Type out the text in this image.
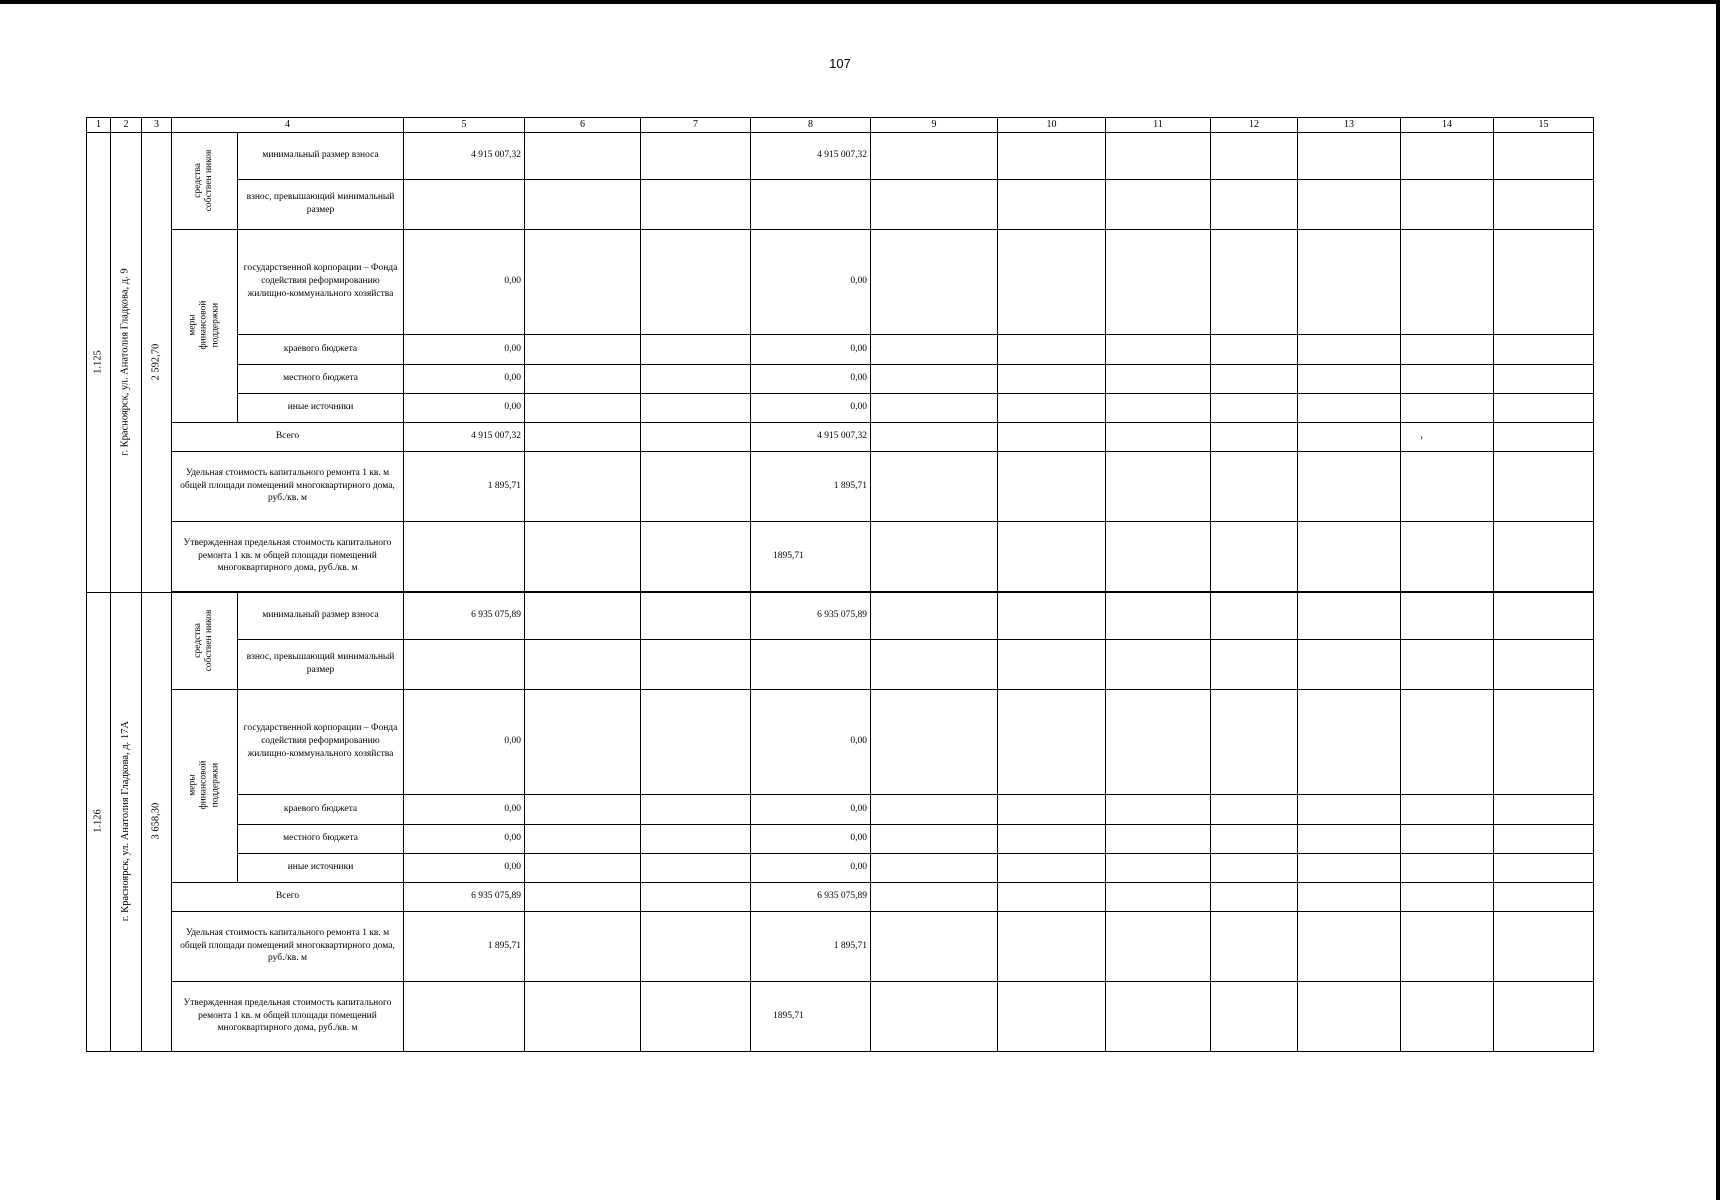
107
1	2	3	4		5	6	7	8	9	10	11	12	13	14	15

1.125	г. Красноярск, ул. Анатолия Гладкова, д. 9	2 592,70	средства собствен ников	минимальный размер взноса	4 915 007,32			4 915 007,32							
				взнос, превышающий минимальный размер											

			меры финансовой поддержки	государственной корпорации – Фонда содействия реформированию жилищно-коммунального хозяйства	0,00			0,00							
				краевого бюджета	0,00			0,00							
				местного бюджета	0,00			0,00							
				иные источники	0,00			0,00							
			Всего		4 915 007,32			4 915 007,32							
			Удельная стоимость капитального ремонта 1 кв. м общей площади помещений многоквартирного дома, руб./кв. м		1 895,71			1 895,71							
			Утвержденная предельная стоимость капитального ремонта 1 кв. м общей площади помещений многоквартирного дома, руб./кв. м					1895,71							

1.126	г. Красноярск, ул. Анатолия Гладкова, д. 17А	3 658,30	средства собствен ников	минимальный размер взноса	6 935 075,89			6 935 075,89							
				взнос, превышающий минимальный размер											

			меры финансовой поддержки	государственной корпорации – Фонда содействия реформированию жилищно-коммунального хозяйства	0,00			0,00							
				краевого бюджета	0,00			0,00							
				местного бюджета	0,00			0,00							
				иные источники	0,00			0,00							
			Всего		6 935 075,89			6 935 075,89							
			Удельная стоимость капитального ремонта 1 кв. м общей площади помещений многоквартирного дома, руб./кв. м		1 895,71			1 895,71							
			Утвержденная предельная стоимость капитального ремонта 1 кв. м общей площади помещений многоквартирного дома, руб./кв. м					1895,71							
›
